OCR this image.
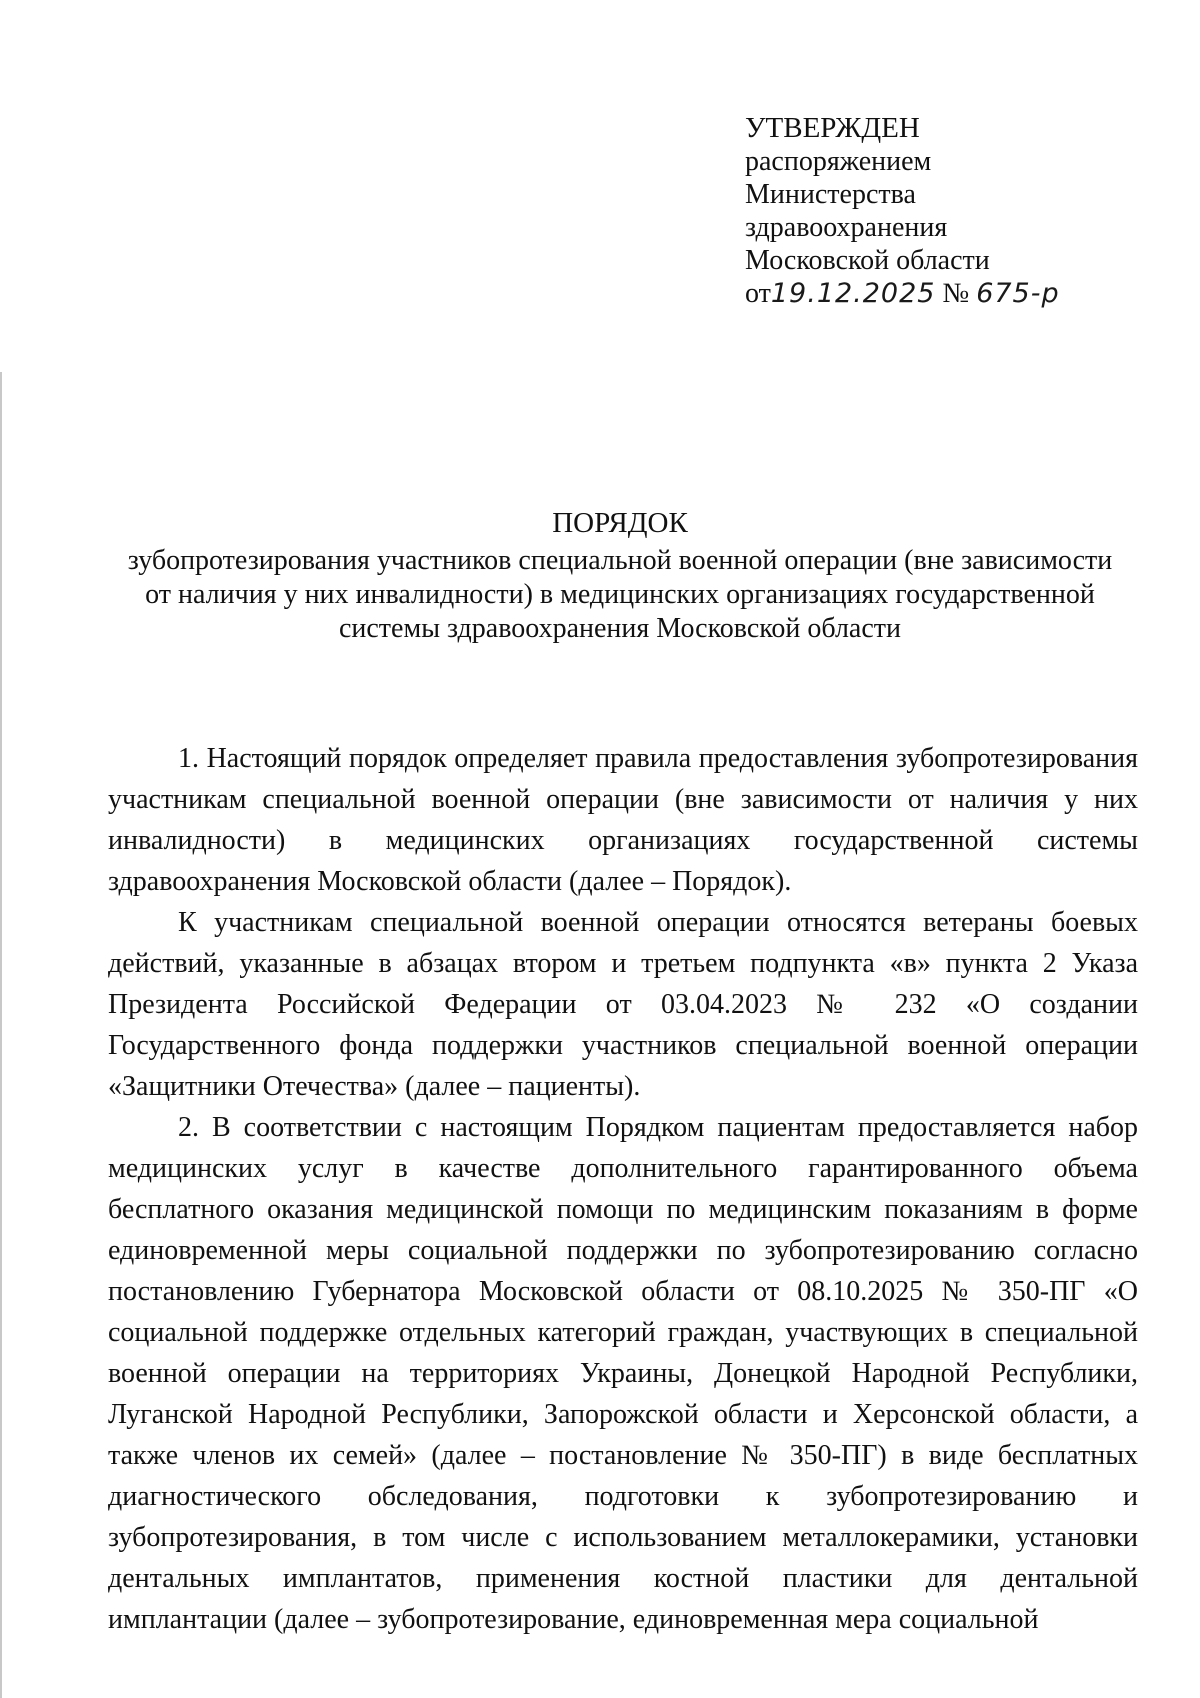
УТВЕРЖДЕН
распоряжением
Министерства
здравоохранения
Московской области
от19.12.2025 № 675-р
ПОРЯДОК
зубопротезирования участников специальной военной операции (вне зависимости
от наличия у них инвалидности) в медицинских организациях государственной
системы здравоохранения Московской области

1. Настоящий порядок определяет правила предоставления зубопротезирования участникам специальной военной операции (вне зависимости от наличия у них инвалидности) в медицинских организациях государственной системы здравоохранения Московской области (далее – Порядок).

К участникам специальной военной операции относятся ветераны боевых действий, указанные в абзацах втором и третьем подпункта «в» пункта 2 Указа Президента Российской Федерации от 03.04.2023 № 232 «О создании Государственного фонда поддержки участников специальной военной операции «Защитники Отечества» (далее – пациенты).

2. В соответствии с настоящим Порядком пациентам предоставляется набор медицинских услуг в качестве дополнительного гарантированного объема бесплатного оказания медицинской помощи по медицинским показаниям в форме единовременной меры социальной поддержки по зубопротезированию согласно постановлению Губернатора Московской области от 08.10.2025 № 350-ПГ «О социальной поддержке отдельных категорий граждан, участвующих в специальной военной операции на территориях Украины, Донецкой Народной Республики, Луганской Народной Республики, Запорожской области и Херсонской области, а также членов их семей» (далее – постановление № 350-ПГ) в виде бесплатных диагностического обследования, подготовки к зубопротезированию и зубопротезирования, в том числе с использованием металлокерамики, установки дентальных имплантатов, применения костной пластики для дентальной имплантации (далее – зубопротезирование, единовременная мера социальной
